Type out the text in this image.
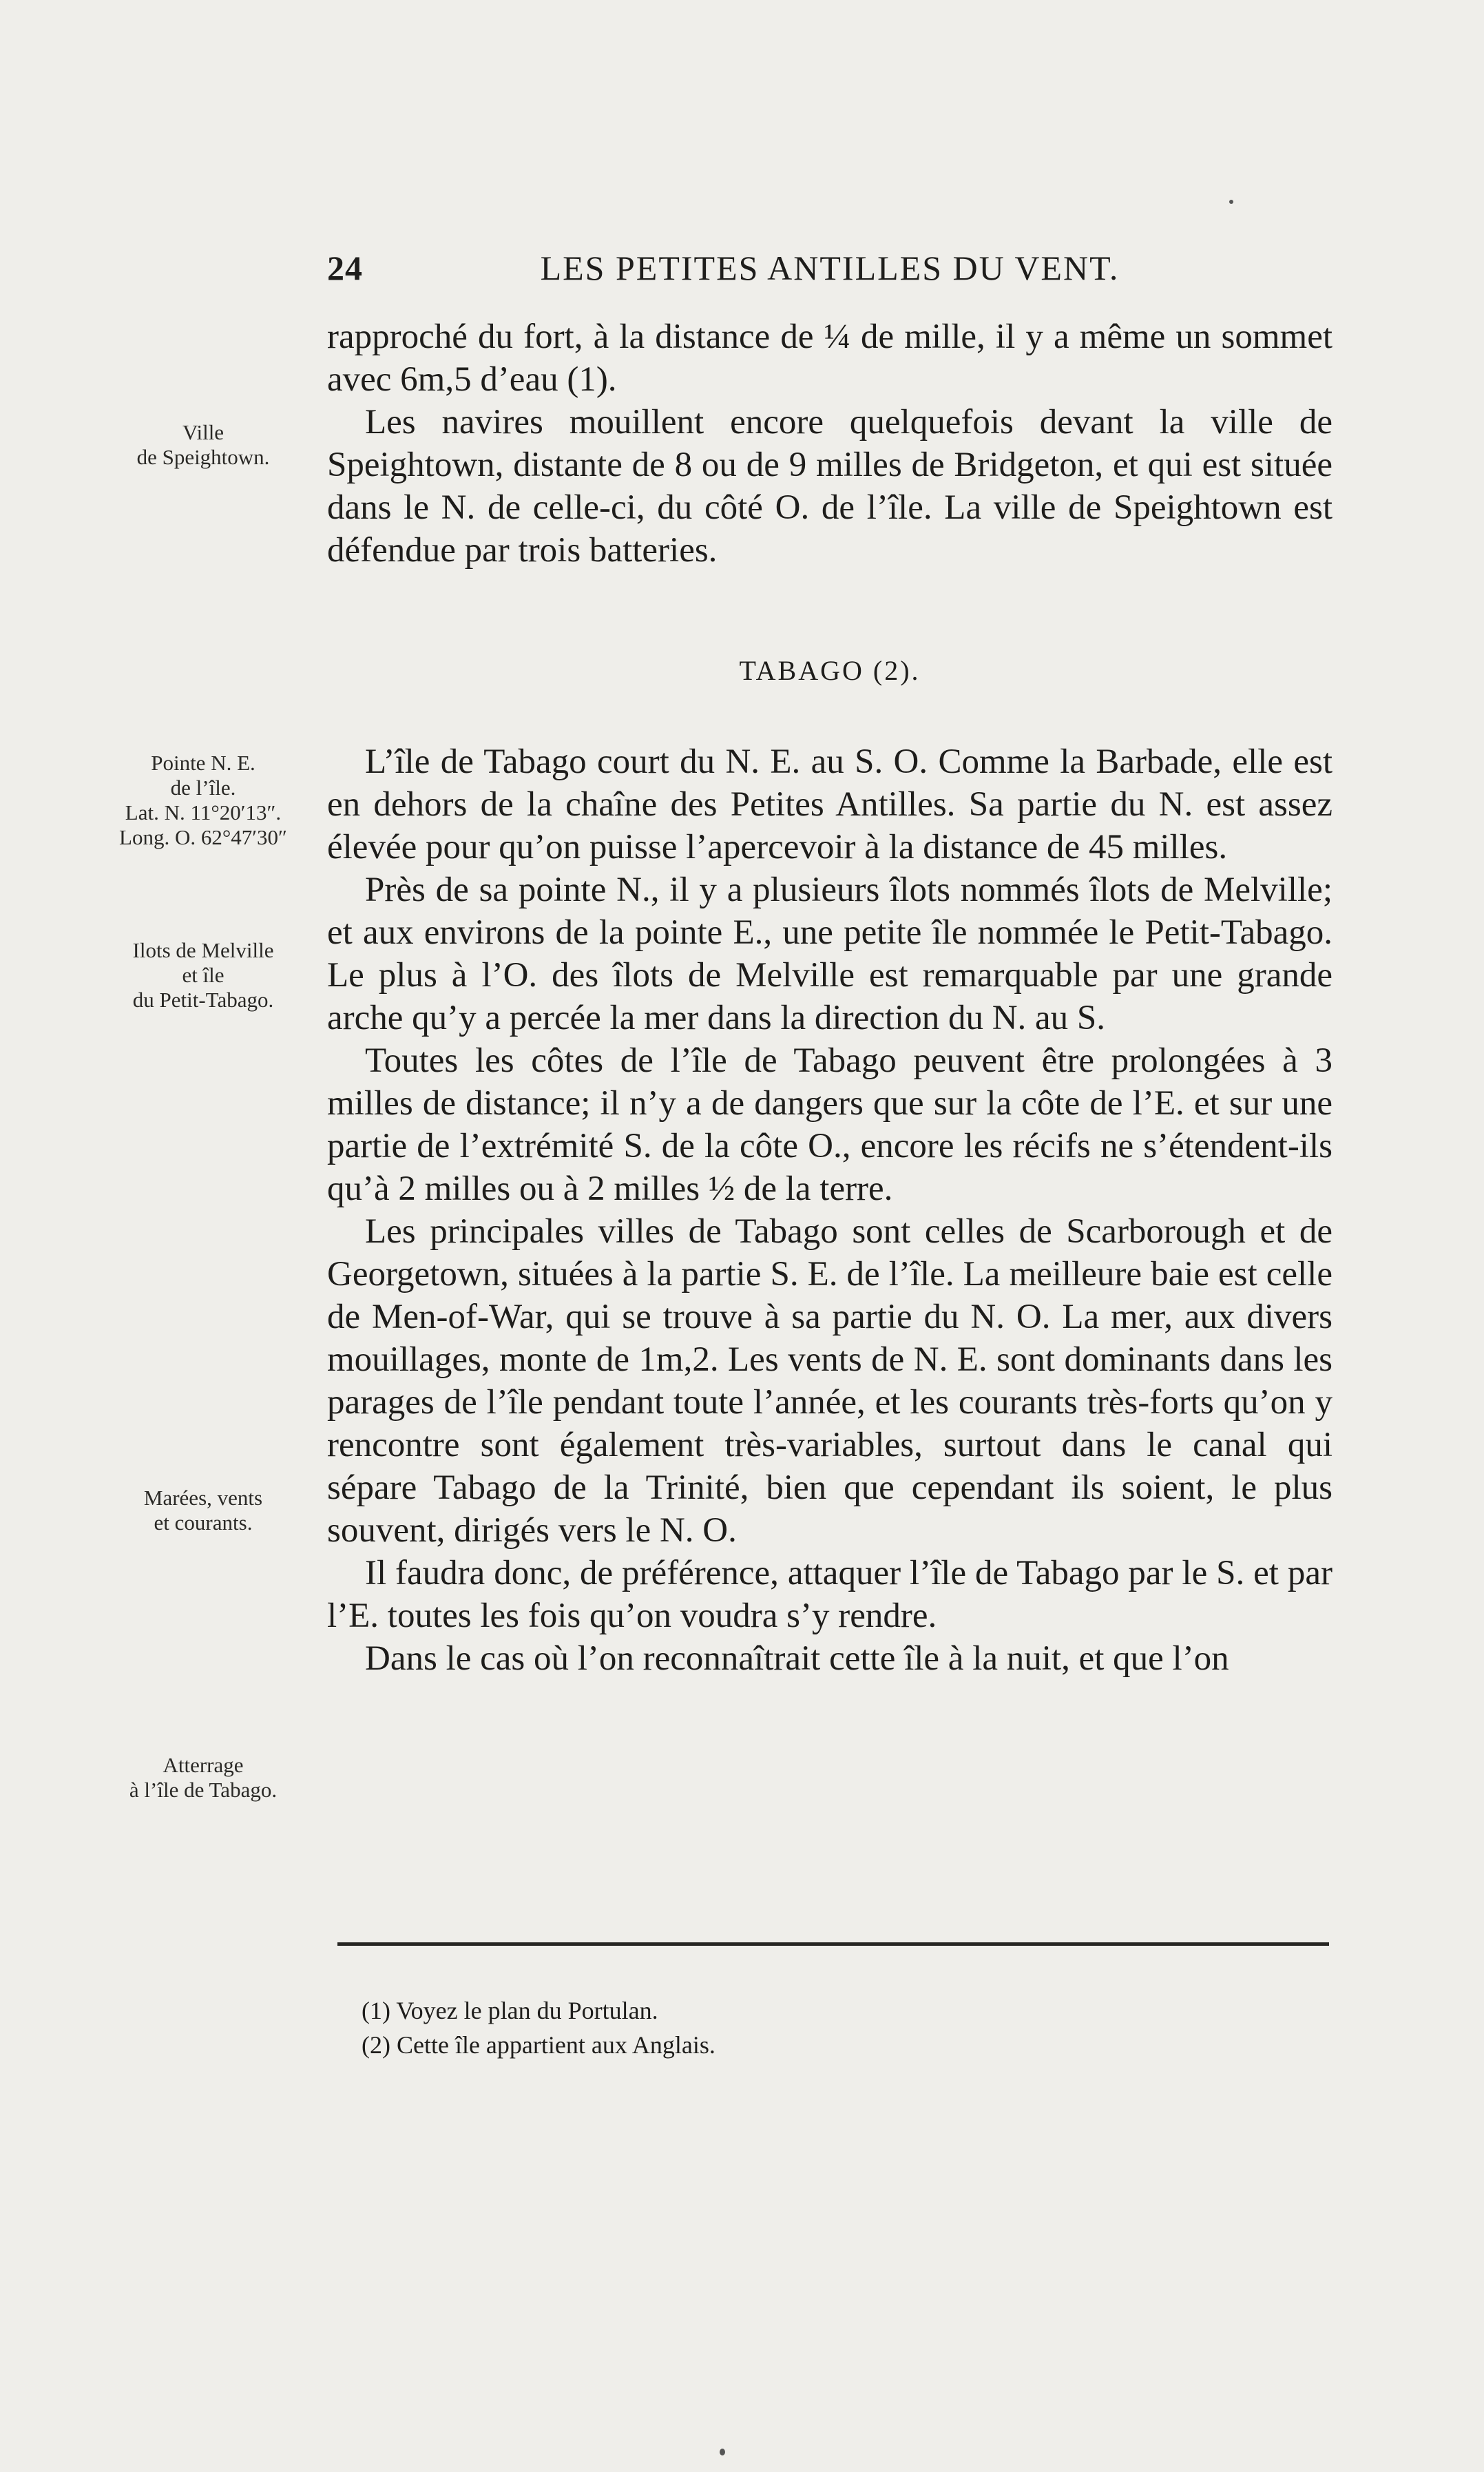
24	LES PETITES ANTILLES DU VENT.

rapproché du fort, à la distance de ¼ de mille, il y a même un sommet avec 6m,5 d’eau (1).

Les navires mouillent encore quelquefois devant la ville de Speightown, distante de 8 ou de 9 milles de Bridgeton, et qui est située dans le N. de celle-ci, du côté O. de l’île. La ville de Speightown est défendue par trois batteries.

TABAGO (2).

L’île de Tabago court du N. E. au S. O. Comme la Barbade, elle est en dehors de la chaîne des Petites Antilles. Sa partie du N. est assez élevée pour qu’on puisse l’apercevoir à la distance de 45 milles.

Près de sa pointe N., il y a plusieurs îlots nommés îlots de Melville; et aux environs de la pointe E., une petite île nommée le Petit-Tabago. Le plus à l’O. des îlots de Melville est remarquable par une grande arche qu’y a percée la mer dans la direction du N. au S.

Toutes les côtes de l’île de Tabago peuvent être prolongées à 3 milles de distance; il n’y a de dangers que sur la côte de l’E. et sur une partie de l’extrémité S. de la côte O., encore les récifs ne s’étendent-ils qu’à 2 milles ou à 2 milles ½ de la terre.

Les principales villes de Tabago sont celles de Scarborough et de Georgetown, situées à la partie S. E. de l’île. La meilleure baie est celle de Men-of-War, qui se trouve à sa partie du N. O. La mer, aux divers mouillages, monte de 1m,2. Les vents de N. E. sont dominants dans les parages de l’île pendant toute l’année, et les courants très-forts qu’on y rencontre sont également très-variables, surtout dans le canal qui sépare Tabago de la Trinité, bien que cependant ils soient, le plus souvent, dirigés vers le N. O.

Il faudra donc, de préférence, attaquer l’île de Tabago par le S. et par l’E. toutes les fois qu’on voudra s’y rendre.

Dans le cas où l’on reconnaîtrait cette île à la nuit, et que l’on

Ville
de Speightown.
Pointe N. E.
de l’île.
Lat. N. 11°20′13″.
Long. O. 62°47′30″
Ilots de Melville
et île
du Petit-Tabago.
Marées, vents
et courants.
Atterrage
à l’île de Tabago.
(1) Voyez le plan du Portulan.
(2) Cette île appartient aux Anglais.
